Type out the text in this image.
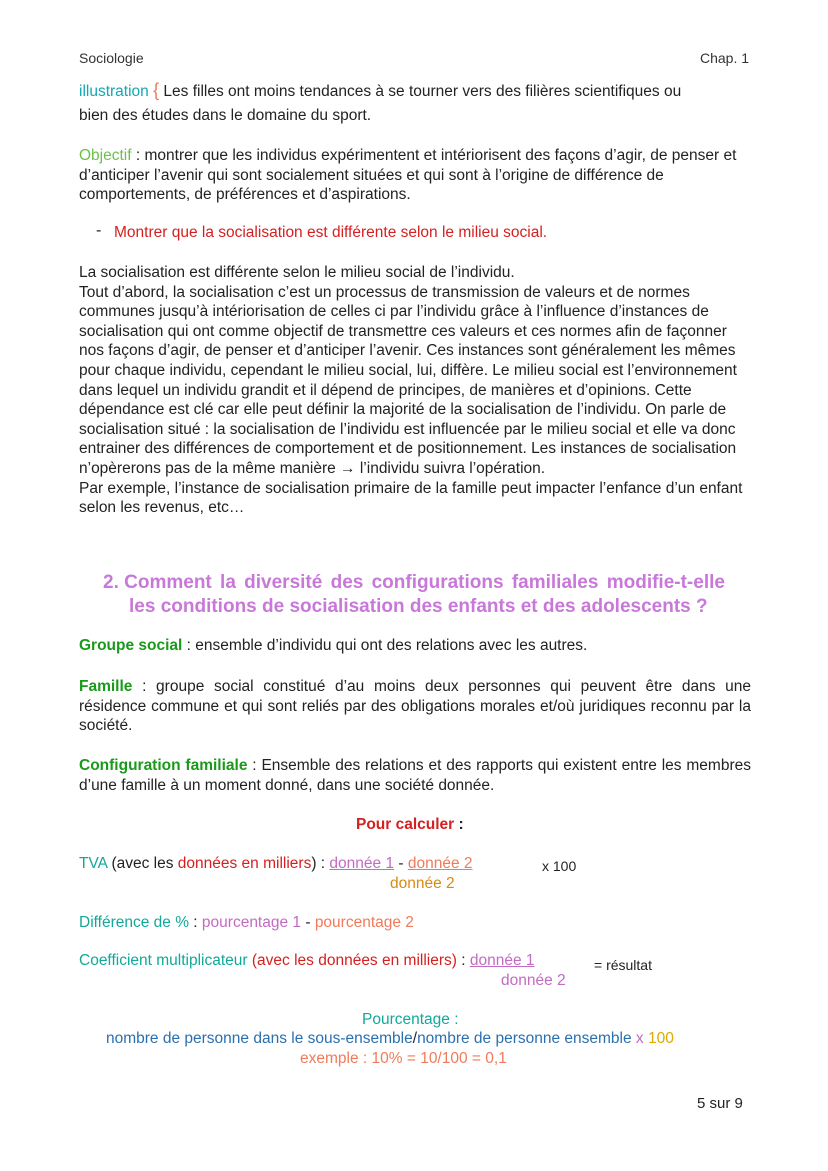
Sociologie	Chap. 1
illustration { Les filles ont moins tendances à se tourner vers des filières scientifiques ou
bien des études dans le domaine du sport.
Objectif : montrer que les individus expérimentent et intériorisent des façons d’agir, de penser et d’anticiper l’avenir qui sont socialement situées et qui sont à l’origine de différence de comportements, de préférences et d’aspirations.
- Montrer que la socialisation est différente selon le milieu social.
La socialisation est différente selon le milieu social de l’individu.
Tout d’abord, la socialisation c’est un processus de transmission de valeurs et de normes communes jusqu’à intériorisation de celles ci par l’individu grâce à l’influence d’instances de socialisation qui ont comme objectif de transmettre ces valeurs et ces normes afin de façonner nos façons d’agir, de penser et d’anticiper l’avenir. Ces instances sont généralement les mêmes pour chaque individu, cependant le milieu social, lui, diffère. Le milieu social est l’environnement dans lequel un individu grandit et il dépend de principes, de manières et d’opinions. Cette dépendance est clé car elle peut définir la majorité de la socialisation de l’individu. On parle de socialisation situé : la socialisation de l’individu est influencée par le milieu social et elle va donc entrainer des différences de comportement et de positionnement. Les instances de socialisation n’opèrerons pas de la même manière → l’individu suivra l’opération.
Par exemple, l’instance de socialisation primaire de la famille peut impacter l’enfance d’un enfant selon les revenus, etc…
2. Comment la diversité des configurations familiales modifie-t-elle
les conditions de socialisation des enfants et des adolescents ?
Groupe social : ensemble d’individu qui ont des relations avec les autres.
Famille : groupe social constitué d’au moins deux personnes qui peuvent être dans une résidence commune et qui sont reliés par des obligations morales et/où juridiques reconnu par la société.
Configuration familiale : Ensemble des relations et des rapports qui existent entre les membres d’une famille à un moment donné, dans une société donnée.
Pour calculer :
TVA (avec les données en milliers) : donnée 1 - donnée 2
donnée 2
x 100
Différence de % : pourcentage 1 - pourcentage 2
Coefficient multiplicateur (avec les données en milliers) : donnée 1
donnée 2
= résultat
Pourcentage :
nombre de personne dans le sous-ensemble/nombre de personne ensemble x 100
exemple : 10% = 10/100 = 0,1
5 sur 9
